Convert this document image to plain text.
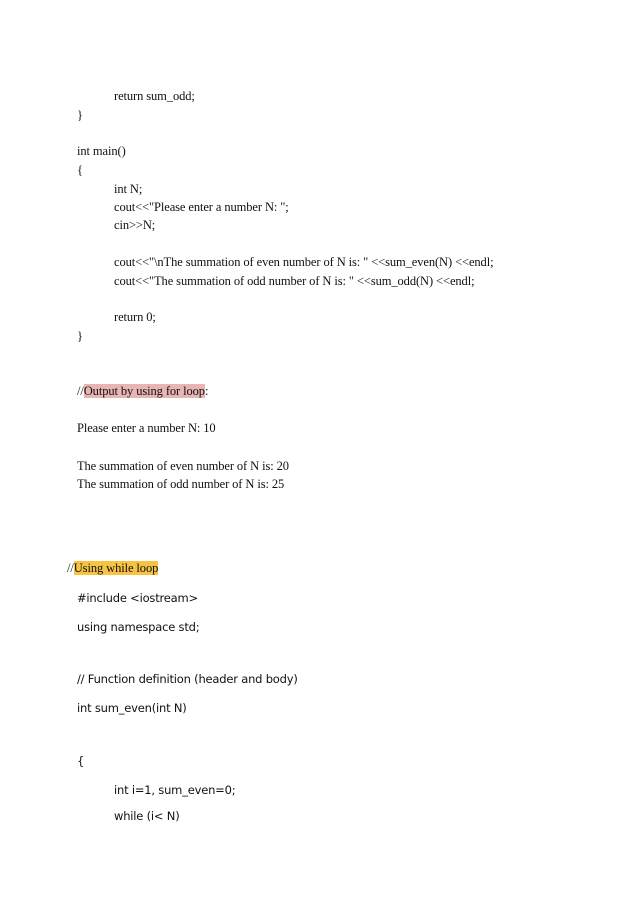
return sum_odd;
}
int main()
{
int N;
cout<<"Please enter a number N: ";
cin>>N;
cout<<"\nThe summation of even number of N is: " <<sum_even(N) <<endl;
cout<<"The summation of odd number of N is: " <<sum_odd(N) <<endl;
return 0;
}
//Output by using for loop:
Please enter a number N: 10
The summation of even number of N is: 20
The summation of odd number of N is: 25
//Using while loop
#include <iostream>
using namespace std;
// Function definition (header and body)
int sum_even(int N)
{
int i=1, sum_even=0;
while (i< N)
